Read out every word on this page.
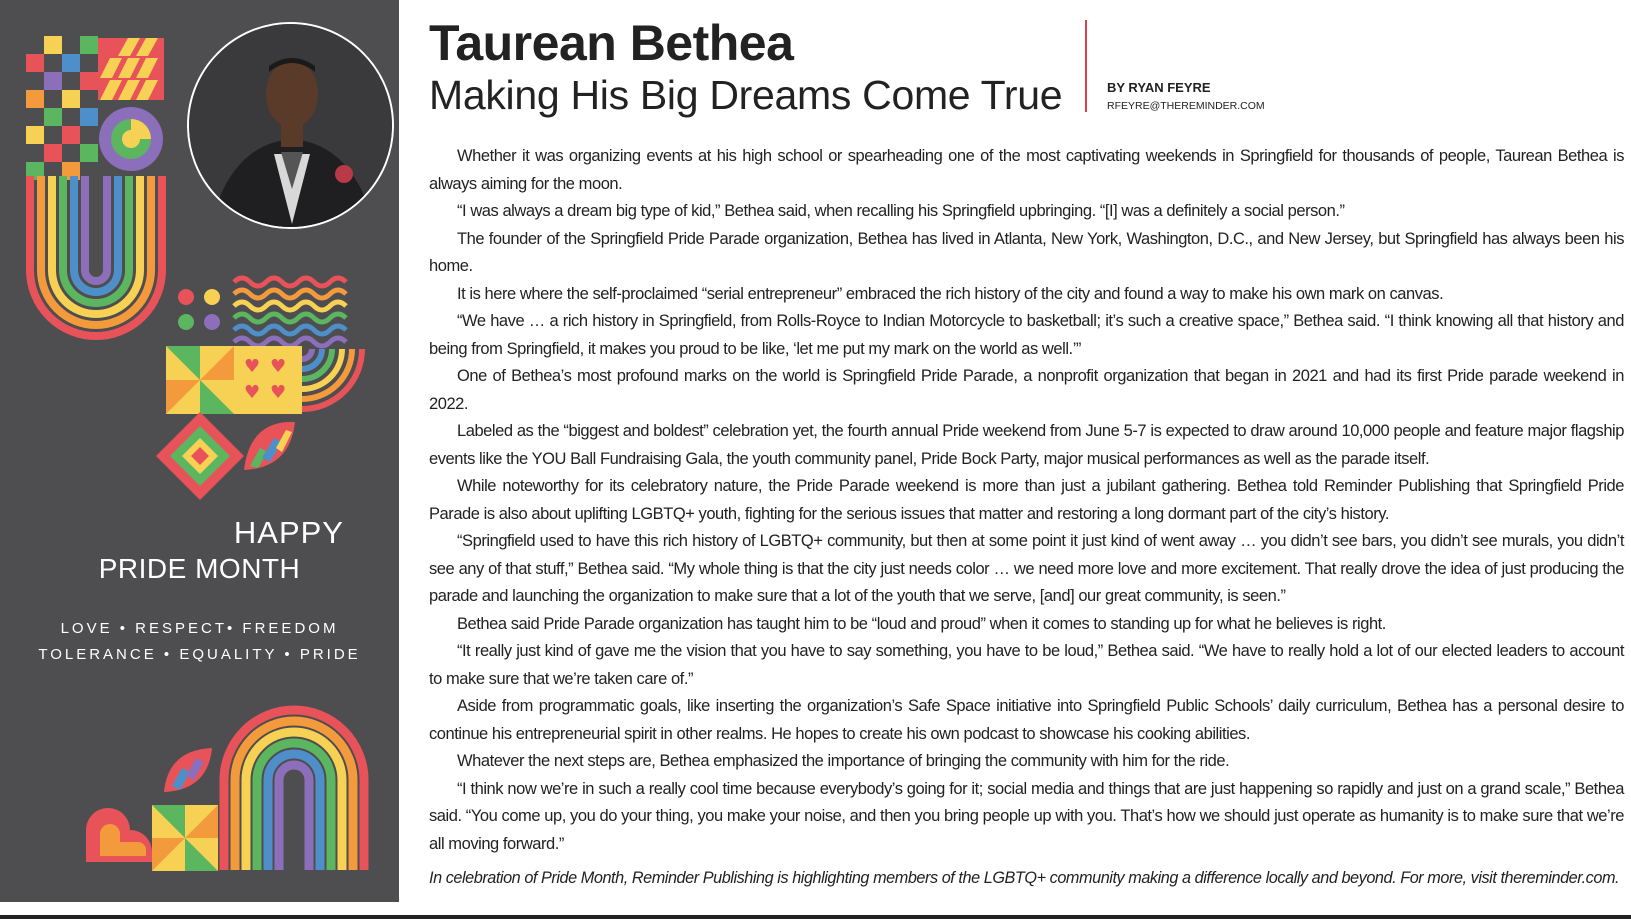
♥ ♥
♥ ♥
HAPPY
PRIDE MONTH
LOVE • RESPECT• FREEDOM
TOLERANCE • EQUALITY • PRIDE
Taurean Bethea
Making His Big Dreams Come True	BY RYAN FEYRE
RFEYRE@THEREMINDER.COM

Whether it was organizing events at his high school or spearheading one of the most captivating weekends in Springfield for thousands of people, Taurean Bethea is always aiming for the moon.

“I was always a dream big type of kid,” Bethea said, when recalling his Springfield upbringing. “[I] was a definitely a social person.”

The founder of the Springfield Pride Parade organization, Bethea has lived in Atlanta, New York, Washington, D.C., and New Jersey, but Springfield has always been his home.

It is here where the self-proclaimed “serial entrepreneur” embraced the rich history of the city and found a way to make his own mark on canvas.

“We have … a rich history in Springfield, from Rolls-Royce to Indian Motorcycle to basketball; it’s such a creative space,” Bethea said. “I think knowing all that history and being from Springfield, it makes you proud to be like, ‘let me put my mark on the world as well.’”

One of Bethea’s most profound marks on the world is Springfield Pride Parade, a nonprofit organization that began in 2021 and had its first Pride parade weekend in 2022.

Labeled as the “biggest and boldest” celebration yet, the fourth annual Pride weekend from June 5-7 is expected to draw around 10,000 people and feature major flagship events like the YOU Ball Fundraising Gala, the youth community panel, Pride Bock Party, major musical performances as well as the parade itself.

While noteworthy for its celebratory nature, the Pride Parade weekend is more than just a jubilant gathering. Bethea told Reminder Publishing that Springfield Pride Parade is also about uplifting LGBTQ+ youth, fighting for the serious issues that matter and restoring a long dormant part of the city’s history.

“Springfield used to have this rich history of LGBTQ+ community, but then at some point it just kind of went away … you didn’t see bars, you didn’t see murals, you didn’t see any of that stuff,” Bethea said. “My whole thing is that the city just needs color … we need more love and more excitement. That really drove the idea of just producing the parade and launching the organization to make sure that a lot of the youth that we serve, [and] our great community, is seen.”

Bethea said Pride Parade organization has taught him to be “loud and proud” when it comes to standing up for what he believes is right.

“It really just kind of gave me the vision that you have to say something, you have to be loud,” Bethea said. “We have to really hold a lot of our elected leaders to account to make sure that we’re taken care of.”

Aside from programmatic goals, like inserting the organization’s Safe Space initiative into Springfield Public Schools’ daily curriculum, Bethea has a personal desire to continue his entrepreneurial spirit in other realms. He hopes to create his own podcast to showcase his cooking abilities.

Whatever the next steps are, Bethea emphasized the importance of bringing the community with him for the ride.

“I think now we’re in such a really cool time because everybody’s going for it; social media and things that are just happening so rapidly and just on a grand scale,” Bethea said. “You come up, you do your thing, you make your noise, and then you bring people up with you. That’s how we should just operate as humanity is to make sure that we’re all moving forward.”

In celebration of Pride Month, Reminder Publishing is highlighting members of the LGBTQ+ community making a difference locally and beyond. For more, visit thereminder.com.
